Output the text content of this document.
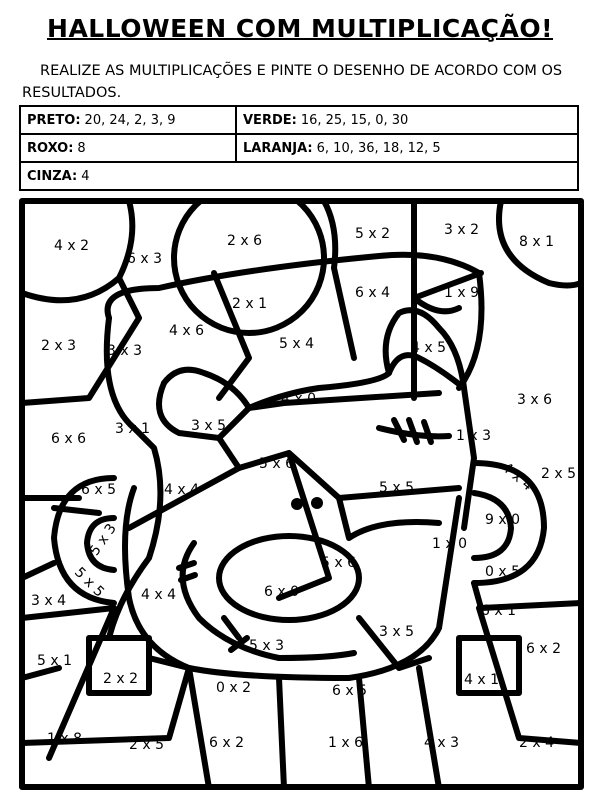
HALLOWEEN COM MULTIPLICAÇÃO!
REALIZE AS MULTIPLICAÇÕES E PINTE O DESENHO DE ACORDO COM OS RESULTADOS.
PRETO: 20, 24, 2, 3, 9	VERDE: 16, 25, 15, 0, 30
ROXO: 8	LARANJA: 6, 10, 36, 18, 12, 5
CINZA: 4
4 x 2
6 x 3
2 x 6	5 x 2	3 x 2
8 x 1
2 x 1
6 x 4	1 x 9
2 x 3 3 x 3
4 x 6
5 x 4	4 x 5
4 x 0	3 x 6
6 x 6
3 x 1	3 x 5
1 x 3
5 x 6
2 x 5
6 x 5	4 x 4	5 x 5	4 x 4
9 x 0
5 x 3
5 x 6
1 x 0
5 x 5	0 x 5
3 x 4	4 x 4	6 x 0
6 x 1
5 x 3
3 x 5
6 x 2
5 x 1
2 x 2
0 x 2	6 x 5
4 x 1
1 x 8	2 x 5	6 x 2	1 x 6	4 x 3	2 x 4
